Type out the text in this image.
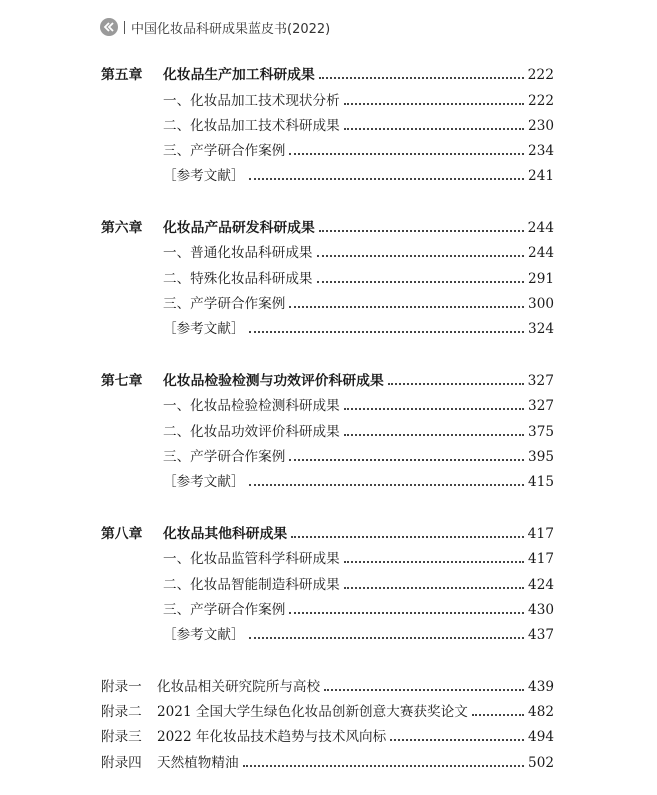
中国化妆品科研成果蓝皮书(2022)
第五章	化妆品生产加工科研成果	222
一、化妆品加工技术现状分析	222
二、化妆品加工技术科研成果	230
三、产学研合作案例	234
［参考文献］	241
第六章	化妆品产品研发科研成果	244
一、普通化妆品科研成果	244
二、特殊化妆品科研成果	291
三、产学研合作案例	300
［参考文献］	324
第七章	化妆品检验检测与功效评价科研成果	327
一、化妆品检验检测科研成果	327
二、化妆品功效评价科研成果	375
三、产学研合作案例	395
［参考文献］	415
第八章	化妆品其他科研成果	417
一、化妆品监管科学科研成果	417
二、化妆品智能制造科研成果	424
三、产学研合作案例	430
［参考文献］	437
附录一	化妆品相关研究院所与高校	439
附录二	2021 全国大学生绿色化妆品创新创意大赛获奖论文	482
附录三	2022 年化妆品技术趋势与技术风向标	494
附录四	天然植物精油	502
